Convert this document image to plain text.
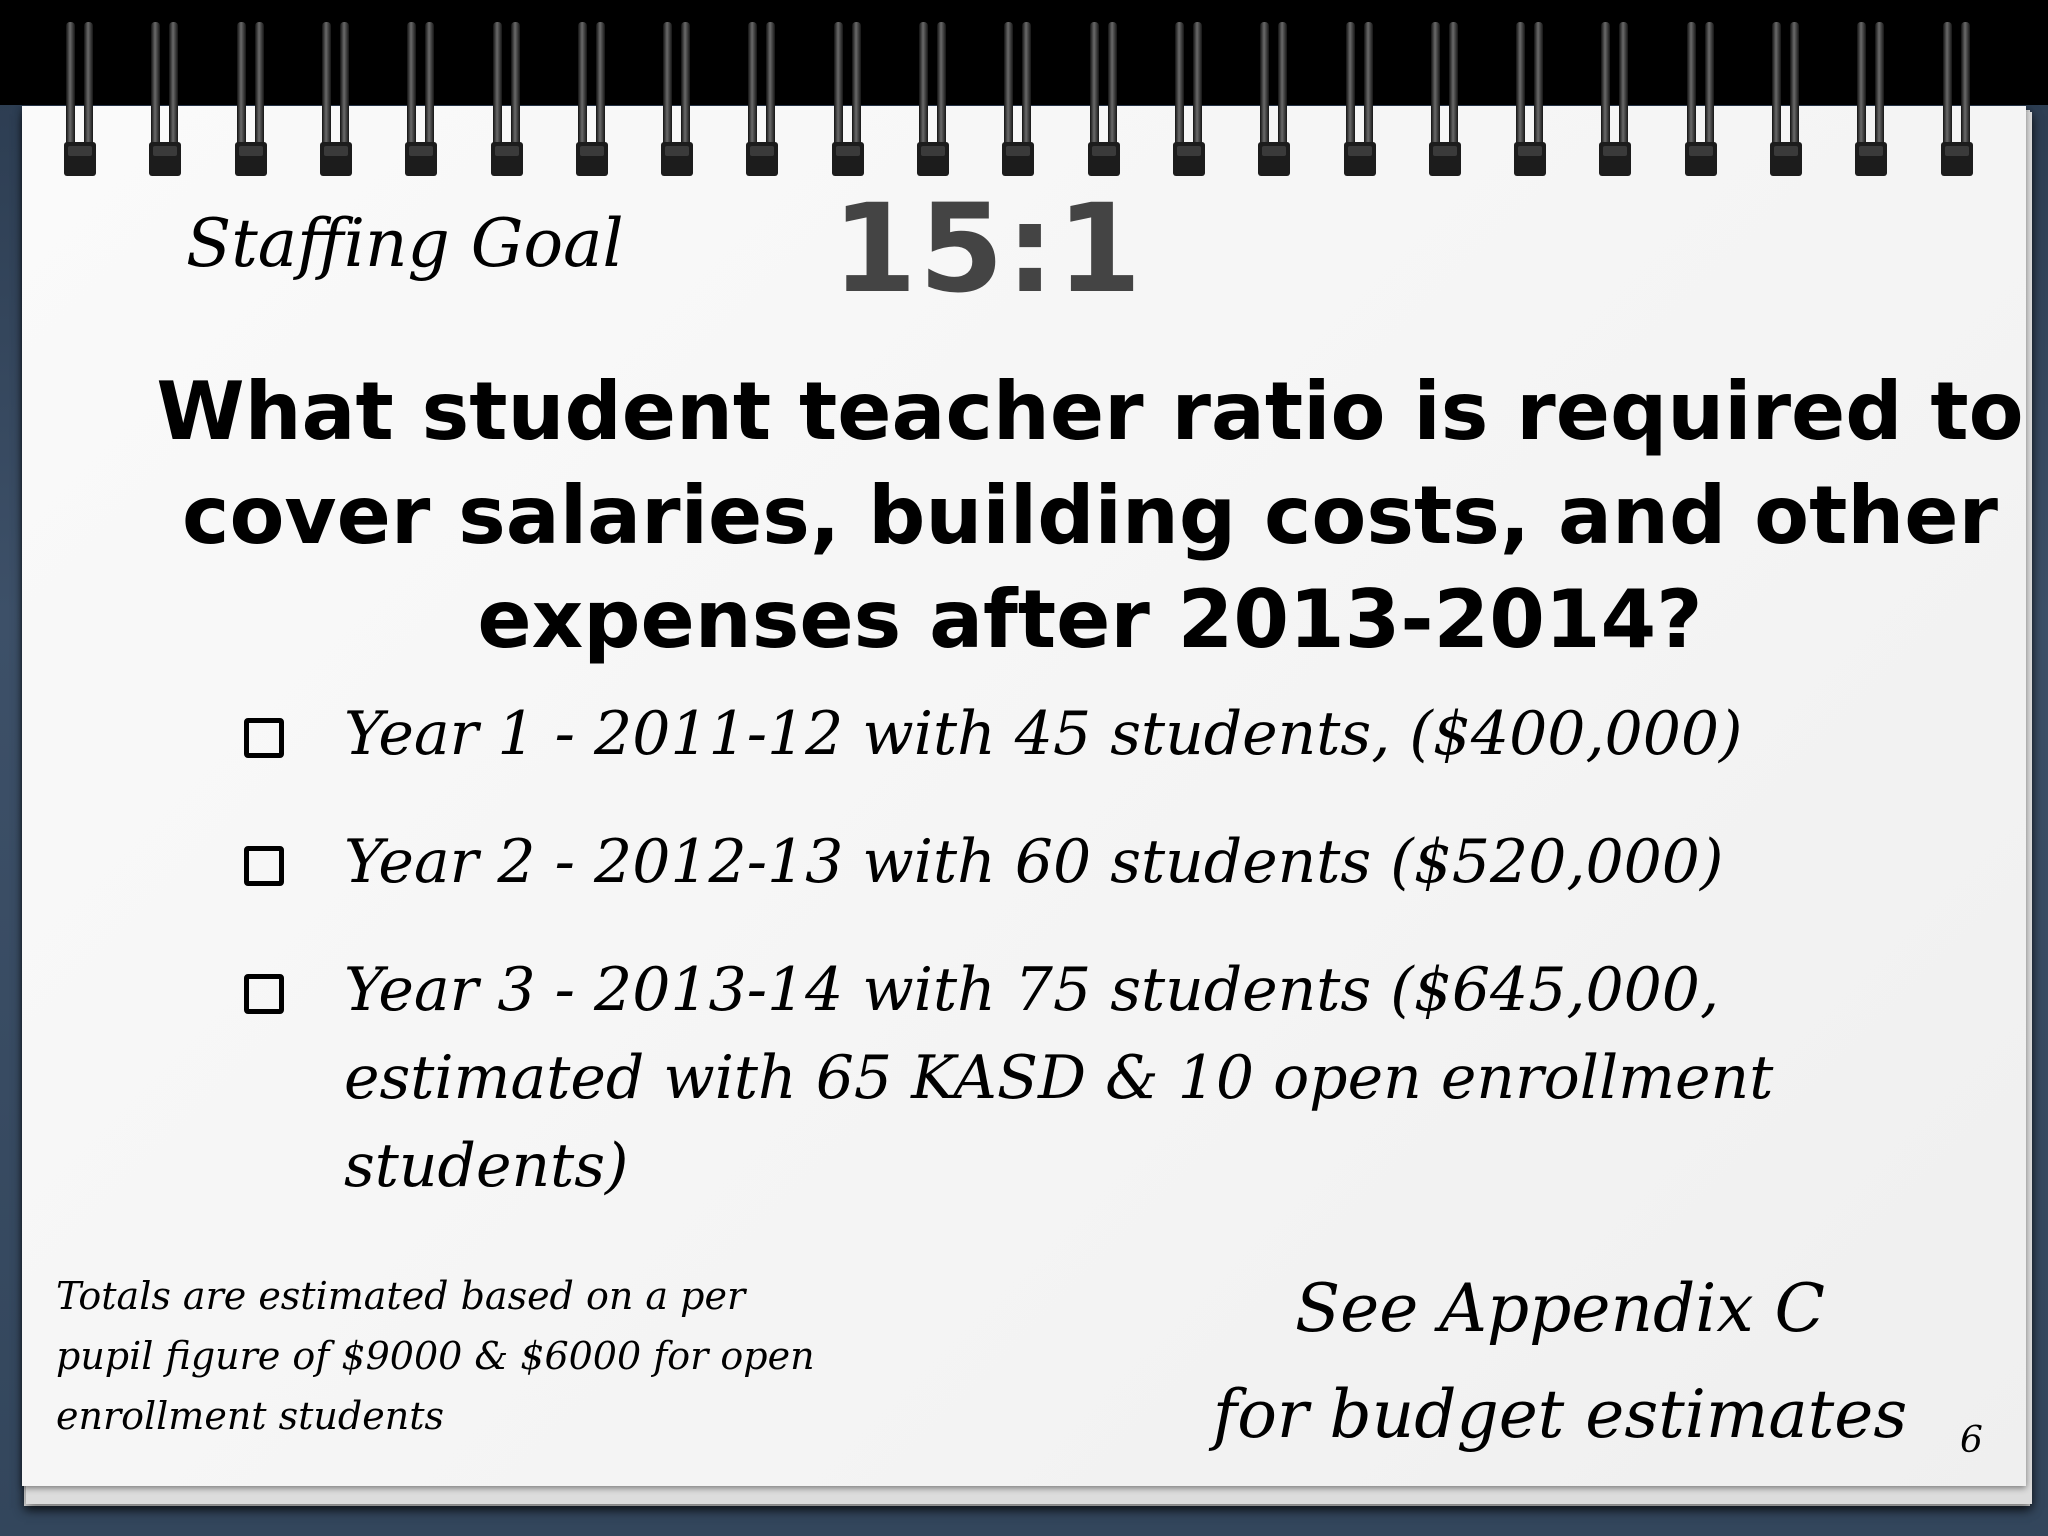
Staffing Goal 15:1
What student teacher ratio is required to cover salaries, building costs, and other expenses after 2013-2014?
Year 1 - 2011-12 with 45 students, ($400,000)
Year 2 - 2012-13 with 60 students ($520,000)
Year 3 - 2013-14 with 75 students ($645,000, estimated with 65 KASD & 10 open enrollment students)
Totals are estimated based on a per pupil figure of $9000 & $6000 for open enrollment students
See Appendix C
for budget estimates	6
